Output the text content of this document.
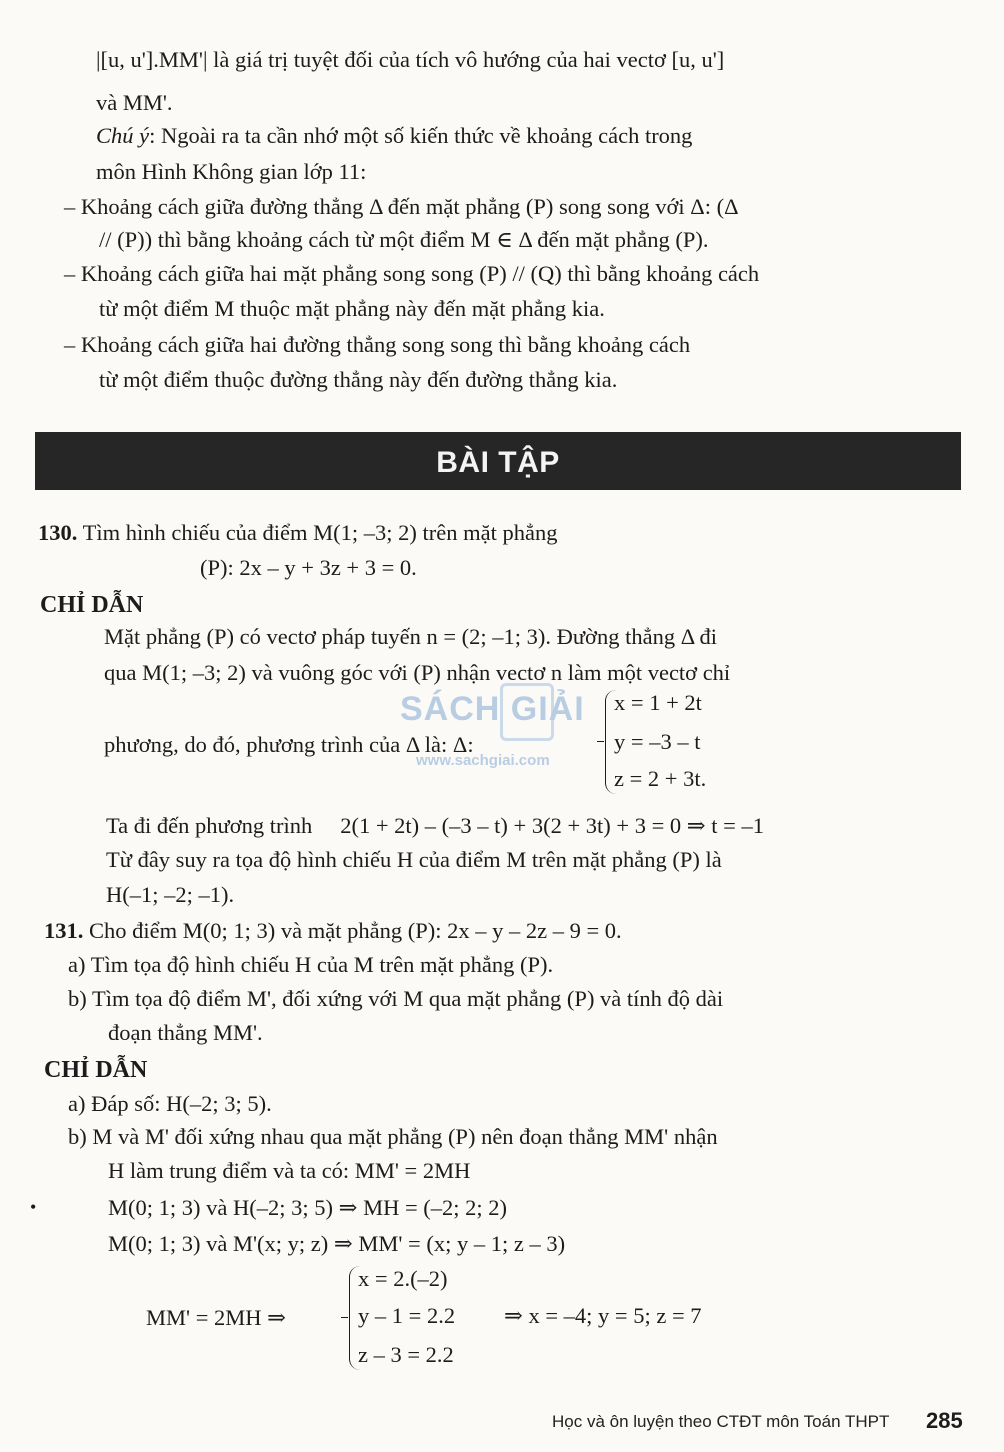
|[u, u'].MM'| là giá trị tuyệt đối của tích vô hướng của hai vectơ [u, u']
và MM'.
Chú ý: Ngoài ra ta cần nhớ một số kiến thức về khoảng cách trong
môn Hình Không gian lớp 11:
– Khoảng cách giữa đường thẳng Δ đến mặt phẳng (P) song song với Δ: (Δ
// (P)) thì bằng khoảng cách từ một điểm M ∈ Δ đến mặt phẳng (P).
– Khoảng cách giữa hai mặt phẳng song song (P) // (Q) thì bằng khoảng cách
từ một điểm M thuộc mặt phẳng này đến mặt phẳng kia.
– Khoảng cách giữa hai đường thẳng song song thì bằng khoảng cách
từ một điểm thuộc đường thẳng này đến đường thẳng kia.
BÀI TẬP
130. Tìm hình chiếu của điểm M(1; –3; 2) trên mặt phẳng
(P): 2x – y + 3z + 3 = 0.
CHỈ DẪN
Mặt phẳng (P) có vectơ pháp tuyến n = (2; –1; 3). Đường thẳng Δ đi
qua M(1; –3; 2) và vuông góc với (P) nhận vectơ n làm một vectơ chỉ
phương, do đó, phương trình của Δ là: Δ:
x = 1 + 2t
y = –3 – t
z = 2 + 3t.
Ta đi đến phương trình 2(1 + 2t) – (–3 – t) + 3(2 + 3t) + 3 = 0 ⇒ t = –1
Từ đây suy ra tọa độ hình chiếu H của điểm M trên mặt phẳng (P) là
H(–1; –2; –1).
131. Cho điểm M(0; 1; 3) và mặt phẳng (P): 2x – y – 2z – 9 = 0.
a) Tìm tọa độ hình chiếu H của M trên mặt phẳng (P).
b) Tìm tọa độ điểm M', đối xứng với M qua mặt phẳng (P) và tính độ dài
đoạn thẳng MM'.
CHỈ DẪN
a) Đáp số: H(–2; 3; 5).
b) M và M' đối xứng nhau qua mặt phẳng (P) nên đoạn thẳng MM' nhận
H làm trung điểm và ta có: MM' = 2MH
•	M(0; 1; 3) và H(–2; 3; 5) ⇒ MH = (–2; 2; 2)
M(0; 1; 3) và M'(x; y; z) ⇒ MM' = (x; y – 1; z – 3)
MM' = 2MH ⇒
x = 2.(–2)
y – 1 = 2.2
z – 3 = 2.2
⇒ x = –4; y = 5; z = 7
SÁCH GIẢI
www.sachgiai.com
Học và ôn luyện theo CTĐT môn Toán THPT 285
